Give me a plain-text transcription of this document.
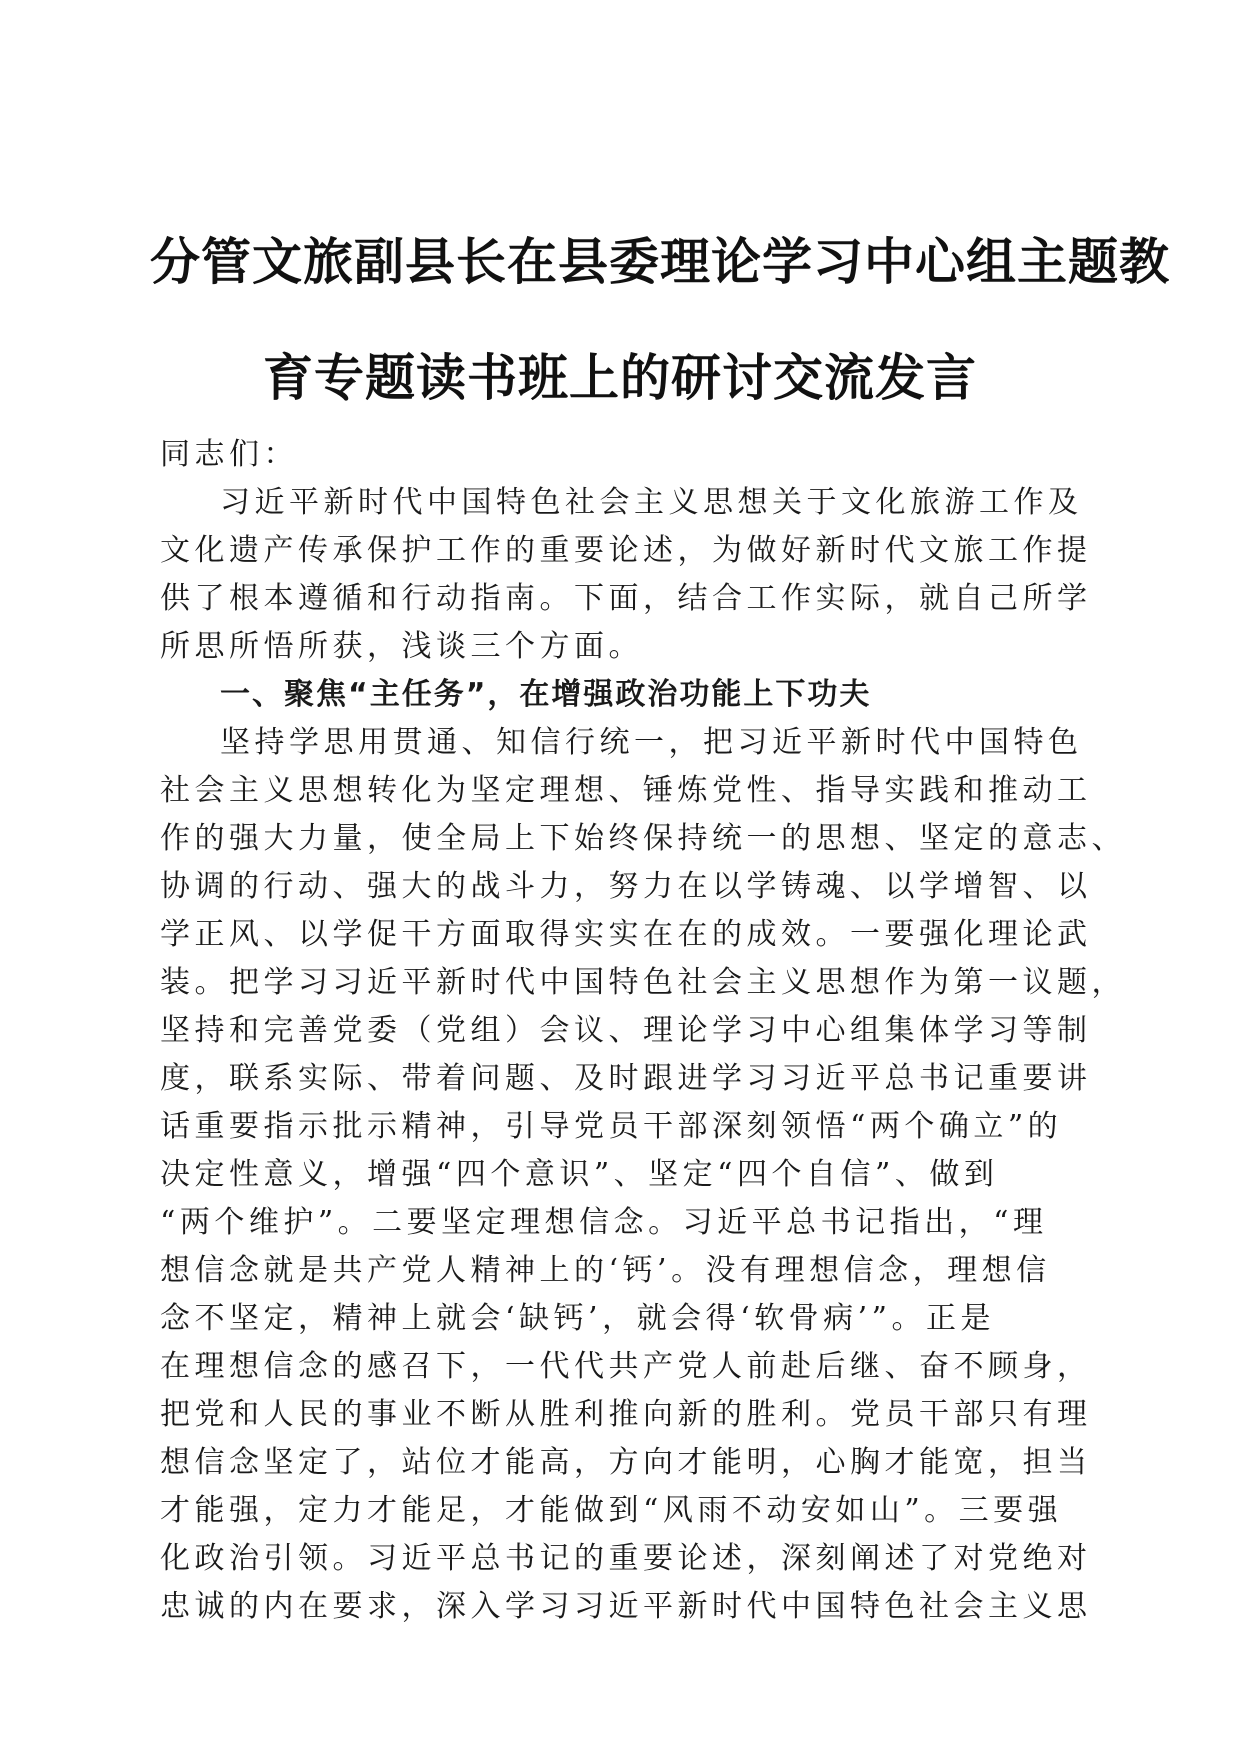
分管文旅副县长在县委理论学习中心组主题教
育专题读书班上的研讨交流发言
同志们：
习近平新时代中国特色社会主义思想关于文化旅游工作及
文化遗产传承保护工作的重要论述，为做好新时代文旅工作提
供了根本遵循和行动指南。下面，结合工作实际，就自己所学
所思所悟所获，浅谈三个方面。
一、聚焦“主任务”，在增强政治功能上下功夫
坚持学思用贯通、知信行统一，把习近平新时代中国特色
社会主义思想转化为坚定理想、锤炼党性、指导实践和推动工
作的强大力量，使全局上下始终保持统一的思想、坚定的意志、
协调的行动、强大的战斗力，努力在以学铸魂、以学增智、以
学正风、以学促干方面取得实实在在的成效。一要强化理论武
装。把学习习近平新时代中国特色社会主义思想作为第一议题，
坚持和完善党委（党组）会议、理论学习中心组集体学习等制
度，联系实际、带着问题、及时跟进学习习近平总书记重要讲
话重要指示批示精神，引导党员干部深刻领悟“两个确立”的
决定性意义，增强“四个意识”、坚定“四个自信”、做到
“两个维护”。二要坚定理想信念。习近平总书记指出，“理
想信念就是共产党人精神上的‘钙’。没有理想信念，理想信
念不坚定，精神上就会‘缺钙’，就会得‘软骨病’”。正是
在理想信念的感召下，一代代共产党人前赴后继、奋不顾身，
把党和人民的事业不断从胜利推向新的胜利。党员干部只有理
想信念坚定了，站位才能高，方向才能明，心胸才能宽，担当
才能强，定力才能足，才能做到“风雨不动安如山”。三要强
化政治引领。习近平总书记的重要论述，深刻阐述了对党绝对
忠诚的内在要求，深入学习习近平新时代中国特色社会主义思
